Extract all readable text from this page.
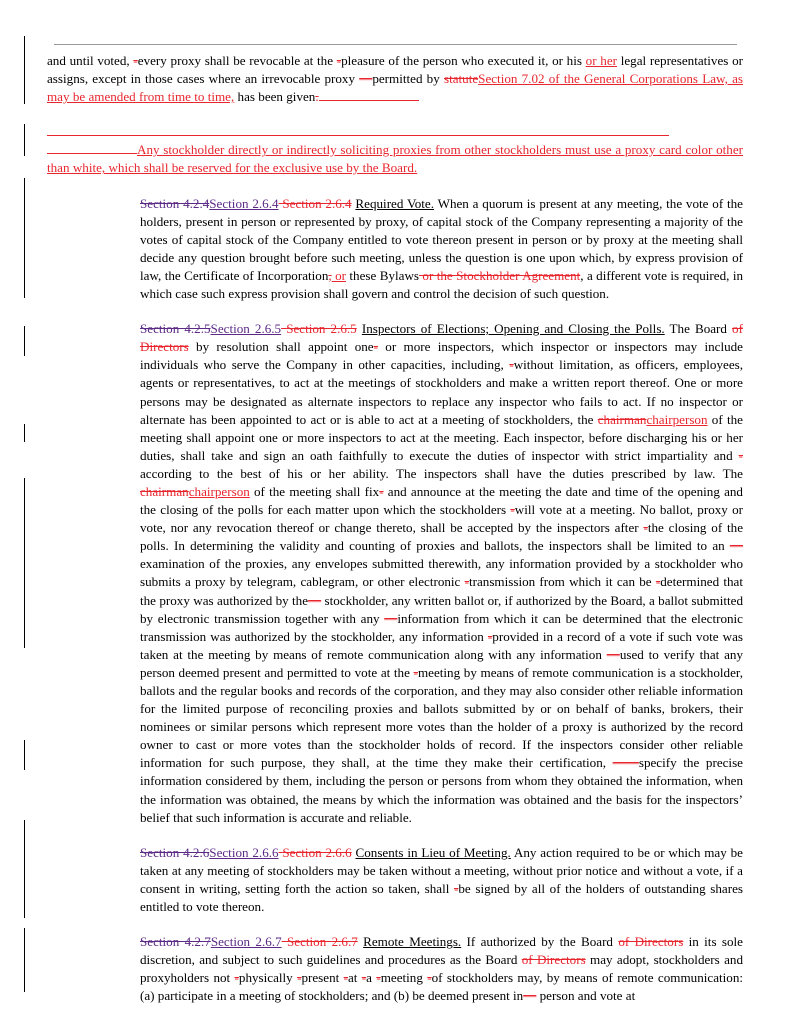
and until voted, -every proxy shall be revocable at the -pleasure of the person who executed it, or his or her legal representatives or assigns, except in those cases where an irrevocable proxy —permitted by statuteSection 7.02 of the General Corporations Law, as may be amended from time to time, has been given.

Any stockholder directly or indirectly soliciting proxies from other stockholders must use a proxy card color other than white, which shall be reserved for the exclusive use by the Board.

Section 4.2.4Section 2.6.4 Section 2.6.4 Required Vote. When a quorum is present at any meeting, the vote of the holders, present in person or represented by proxy, of capital stock of the Company representing a majority of the votes of capital stock of the Company entitled to vote thereon present in person or by proxy at the meeting shall decide any question brought before such meeting, unless the question is one upon which, by express provision of law, the Certificate of Incorporation, or these Bylaws or the Stockholder Agreement, a different vote is required, in which case such express provision shall govern and control the decision of such question.

Section 4.2.5Section 2.6.5 Section 2.6.5 Inspectors of Elections; Opening and Closing the Polls. The Board of Directors by resolution shall appoint one- or more inspectors, which inspector or inspectors may include individuals who serve the Company in other capacities, including, -without limitation, as officers, employees, agents or representatives, to act at the meetings of stockholders and make a written report thereof. One or more persons may be designated as alternate inspectors to replace any inspector who fails to act. If no inspector or alternate has been appointed to act or is able to act at a meeting of stockholders, the chairmanchairperson of the meeting shall appoint one or more inspectors to act at the meeting. Each inspector, before discharging his or her duties, shall take and sign an oath faithfully to execute the duties of inspector with strict impartiality and -according to the best of his or her ability. The inspectors shall have the duties prescribed by law. The chairmanchairperson of the meeting shall fix- and announce at the meeting the date and time of the opening and the closing of the polls for each matter upon which the stockholders -will vote at a meeting. No ballot, proxy or vote, nor any revocation thereof or change thereto, shall be accepted by the inspectors after -the closing of the polls. In determining the validity and counting of proxies and ballots, the inspectors shall be limited to an —examination of the proxies, any envelopes submitted therewith, any information provided by a stockholder who submits a proxy by telegram, cablegram, or other electronic -transmission from which it can be -determined that the proxy was authorized by the— stockholder, any written ballot or, if authorized by the Board, a ballot submitted by electronic transmission together with any —information from which it can be determined that the electronic transmission was authorized by the stockholder, any information -provided in a record of a vote if such vote was taken at the meeting by means of remote communication along with any information —used to verify that any person deemed present and permitted to vote at the -meeting by means of remote communication is a stockholder, ballots and the regular books and records of the corporation, and they may also consider other reliable information for the limited purpose of reconciling proxies and ballots submitted by or on behalf of banks, brokers, their nominees or similar persons which represent more votes than the holder of a proxy is authorized by the record owner to cast or more votes than the stockholder holds of record. If the inspectors consider other reliable information for such purpose, they shall, at the time they make their certification, ——specify the precise information considered by them, including the person or persons from whom they obtained the information, when the information was obtained, the means by which the information was obtained and the basis for the inspectors’ belief that such information is accurate and reliable.

Section 4.2.6Section 2.6.6 Section 2.6.6 Consents in Lieu of Meeting. Any action required to be or which may be taken at any meeting of stockholders may be taken without a meeting, without prior notice and without a vote, if a consent in writing, setting forth the action so taken, shall -be signed by all of the holders of outstanding shares entitled to vote thereon.

Section 4.2.7Section 2.6.7 Section 2.6.7 Remote Meetings. If authorized by the Board of Directors in its sole discretion, and subject to such guidelines and procedures as the Board of Directors may adopt, stockholders and proxyholders not -physically -present -at -a -meeting -of stockholders may, by means of remote communication: (a) participate in a meeting of stockholders; and (b) be deemed present in— person and vote at
